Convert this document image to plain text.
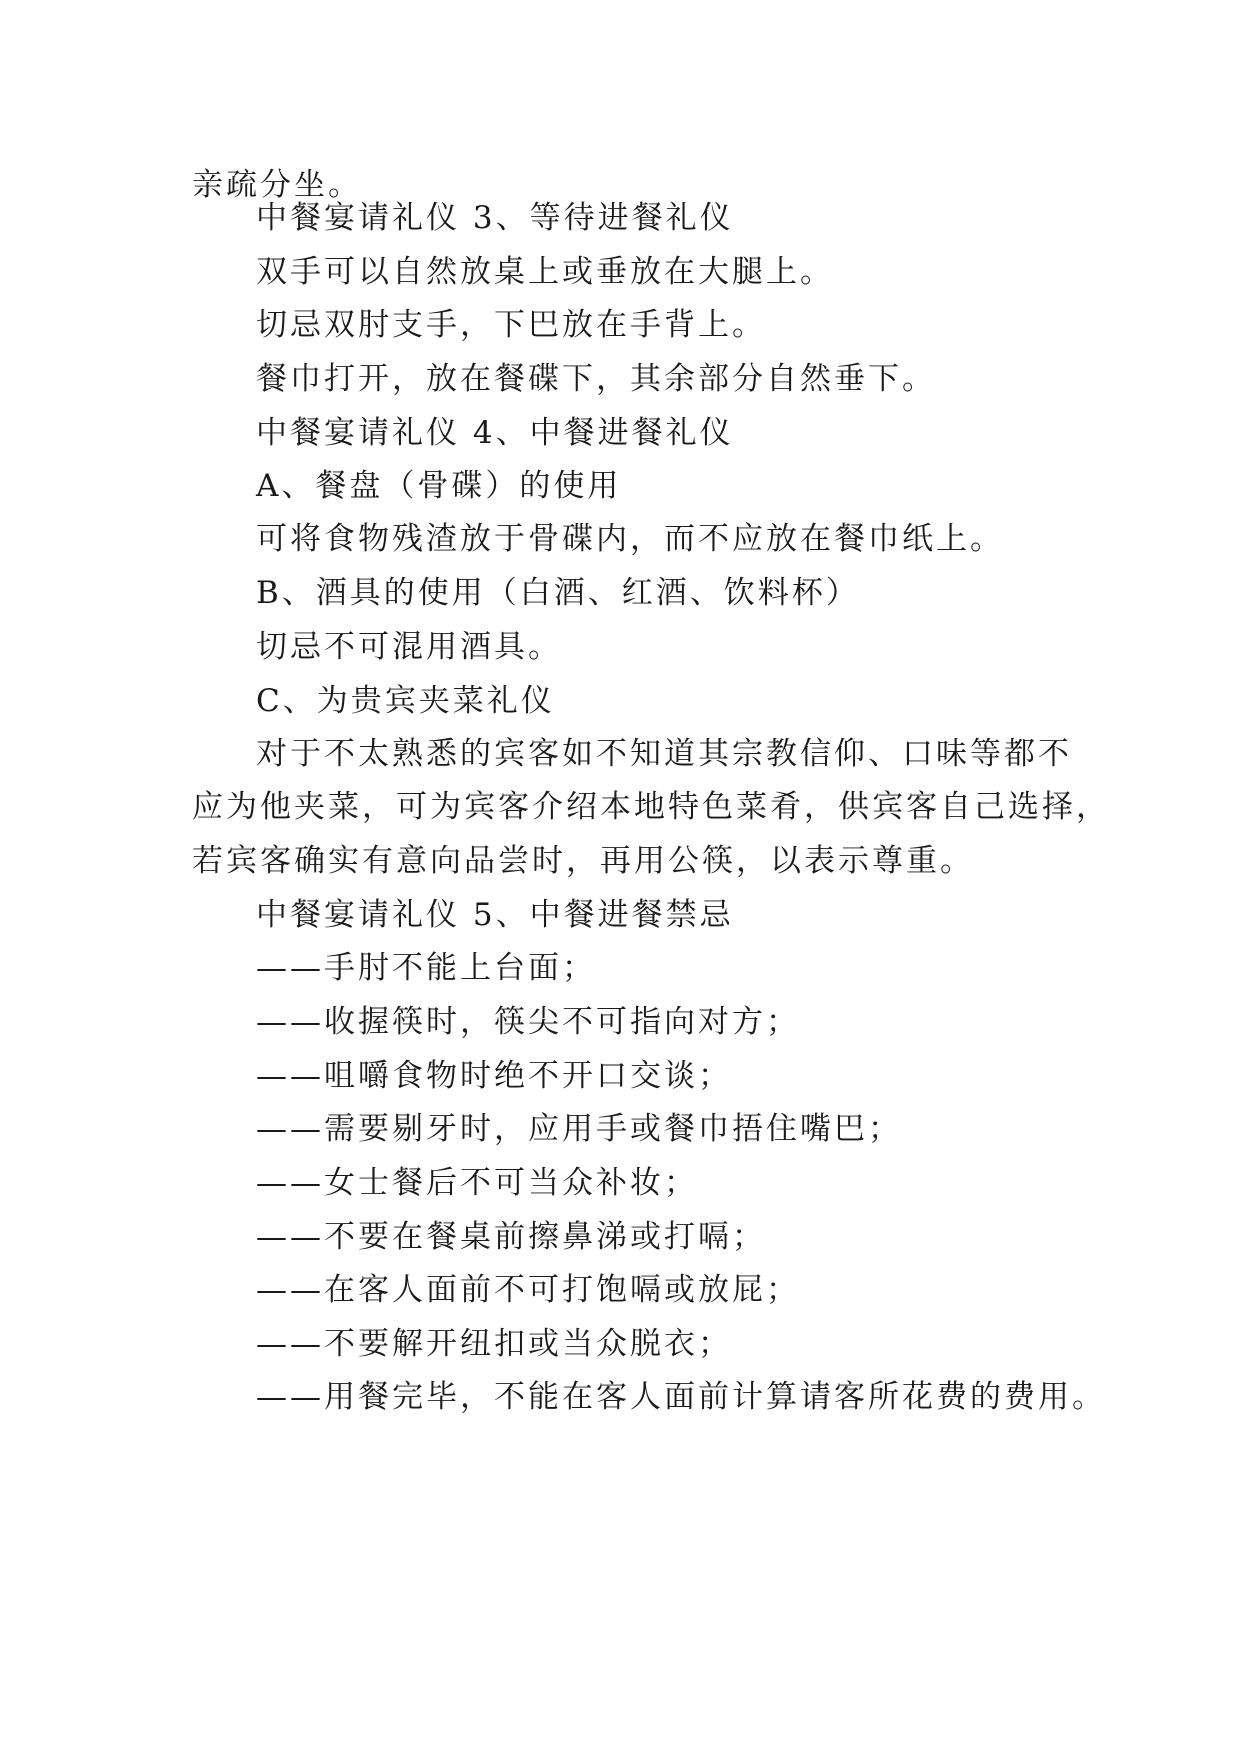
亲疏分坐。
中餐宴请礼仪 3、等待进餐礼仪
双手可以自然放桌上或垂放在大腿上。
切忌双肘支手，下巴放在手背上。
餐巾打开，放在餐碟下，其余部分自然垂下。
中餐宴请礼仪 4、中餐进餐礼仪
A、餐盘（骨碟）的使用
可将食物残渣放于骨碟内，而不应放在餐巾纸上。
B、酒具的使用（白酒、红酒、饮料杯）
切忌不可混用酒具。
C、为贵宾夹菜礼仪
对于不太熟悉的宾客如不知道其宗教信仰、口味等都不
应为他夹菜，可为宾客介绍本地特色菜肴，供宾客自己选择，
若宾客确实有意向品尝时，再用公筷，以表示尊重。
中餐宴请礼仪 5、中餐进餐禁忌
——手肘不能上台面；
——收握筷时，筷尖不可指向对方；
——咀嚼食物时绝不开口交谈；
——需要剔牙时，应用手或餐巾捂住嘴巴；
——女士餐后不可当众补妆；
——不要在餐桌前擦鼻涕或打嗝；
——在客人面前不可打饱嗝或放屁；
——不要解开纽扣或当众脱衣；
——用餐完毕，不能在客人面前计算请客所花费的费用。
